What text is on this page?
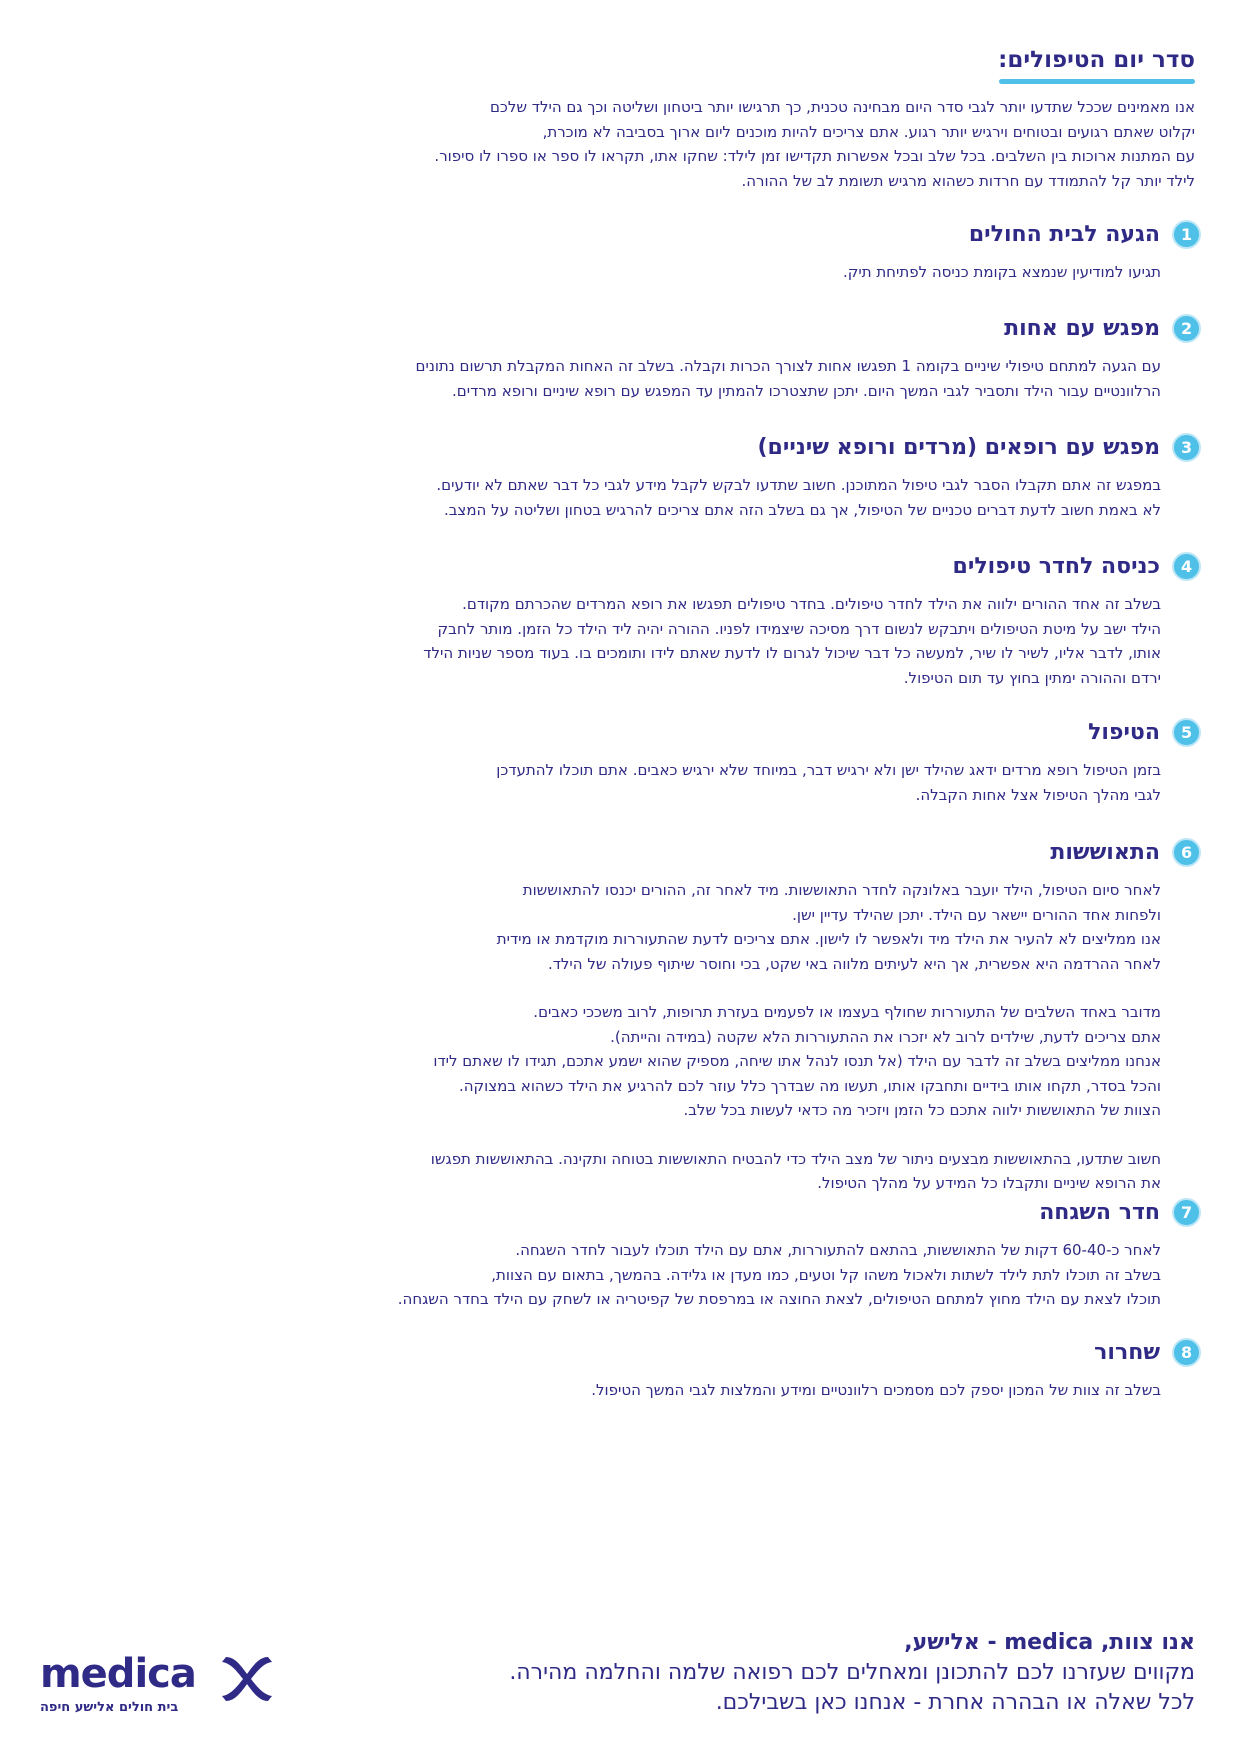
סדר יום הטיפולים:

אנו מאמינים שככל שתדעו יותר לגבי סדר היום מבחינה טכנית, כך תרגישו יותר ביטחון ושליטה וכך גם הילד שלכם

יקלוט שאתם רגועים ובטוחים וירגיש יותר רגוע. אתם צריכים להיות מוכנים ליום ארוך בסביבה לא מוכרת,

עם המתנות ארוכות בין השלבים. בכל שלב ובכל אפשרות תקדישו זמן לילד: שחקו אתו, תקראו לו ספר או ספרו לו סיפור.

לילד יותר קל להתמודד עם חרדות כשהוא מרגיש תשומת לב של ההורה.

1
הגעה לבית החולים

תגיעו למודיעין שנמצא בקומת כניסה לפתיחת תיק.

2
מפגש עם אחות

עם הגעה למתחם טיפולי שיניים בקומה 1 תפגשו אחות לצורך הכרות וקבלה. בשלב זה האחות המקבלת תרשום נתונים

הרלוונטיים עבור הילד ותסביר לגבי המשך היום. יתכן שתצטרכו להמתין עד המפגש עם רופא שיניים ורופא מרדים.

3
מפגש עם רופאים (מרדים ורופא שיניים)

במפגש זה אתם תקבלו הסבר לגבי טיפול המתוכנן. חשוב שתדעו לבקש לקבל מידע לגבי כל דבר שאתם לא יודעים.

לא באמת חשוב לדעת דברים טכניים של הטיפול, אך גם בשלב הזה אתם צריכים להרגיש בטחון ושליטה על המצב.

4
כניסה לחדר טיפולים

בשלב זה אחד ההורים ילווה את הילד לחדר טיפולים. בחדר טיפולים תפגשו את רופא המרדים שהכרתם מקודם.

הילד ישב על מיטת הטיפולים ויתבקש לנשום דרך מסיכה שיצמידו לפניו. ההורה יהיה ליד הילד כל הזמן. מותר לחבק

אותו, לדבר אליו, לשיר לו שיר, למעשה כל דבר שיכול לגרום לו לדעת שאתם לידו ותומכים בו. בעוד מספר שניות הילד

ירדם וההורה ימתין בחוץ עד תום הטיפול.

5
הטיפול

בזמן הטיפול רופא מרדים ידאג שהילד ישן ולא ירגיש דבר, במיוחד שלא ירגיש כאבים. אתם תוכלו להתעדכן

לגבי מהלך הטיפול אצל אחות הקבלה.

6
התאוששות

לאחר סיום הטיפול, הילד יועבר באלונקה לחדר התאוששות. מיד לאחר זה, ההורים יכנסו להתאוששות

ולפחות אחד ההורים יישאר עם הילד. יתכן שהילד עדיין ישן.

אנו ממליצים לא להעיר את הילד מיד ולאפשר לו לישון. אתם צריכים לדעת שהתעוררות מוקדמת או מידית

לאחר ההרדמה היא אפשרית, אך היא לעיתים מלווה באי שקט, בכי וחוסר שיתוף פעולה של הילד.

מדובר באחד השלבים של התעוררות שחולף בעצמו או לפעמים בעזרת תרופות, לרוב משככי כאבים.

אתם צריכים לדעת, שילדים לרוב לא יזכרו את ההתעוררות הלא שקטה (במידה והייתה).

אנחנו ממליצים בשלב זה לדבר עם הילד (אל תנסו לנהל אתו שיחה, מספיק שהוא ישמע אתכם, תגידו לו שאתם לידו

והכל בסדר, תקחו אותו בידיים ותחבקו אותו, תעשו מה שבדרך כלל עוזר לכם להרגיע את הילד כשהוא במצוקה.

הצוות של התאוששות ילווה אתכם כל הזמן ויזכיר מה כדאי לעשות בכל שלב.

חשוב שתדעו, בהתאוששות מבצעים ניתור של מצב הילד כדי להבטיח התאוששות בטוחה ותקינה. בהתאוששות תפגשו

את הרופא שיניים ותקבלו כל המידע על מהלך הטיפול.

7
חדר השגחה

לאחר כ-60-40 דקות של התאוששות, בהתאם להתעוררות, אתם עם הילד תוכלו לעבור לחדר השגחה.

בשלב זה תוכלו לתת לילד לשתות ולאכול משהו קל וטעים, כמו מעדן או גלידה. בהמשך, בתאום עם הצוות,

תוכלו לצאת עם הילד מחוץ למתחם הטיפולים, לצאת החוצה או במרפסת של קפיטריה או לשחק עם הילד בחדר השגחה.

8
שחרור

בשלב זה צוות של המכון יספק לכם מסמכים רלוונטיים ומידע והמלצות לגבי המשך הטיפול.

אנו צוות, medica - אלישע,

מקווים שעזרנו לכם להתכונן ומאחלים לכם רפואה שלמה והחלמה מהירה.

לכל שאלה או הבהרה אחרת - אנחנו כאן בשבילכם.

medica
בית חולים אלישע חיפה
